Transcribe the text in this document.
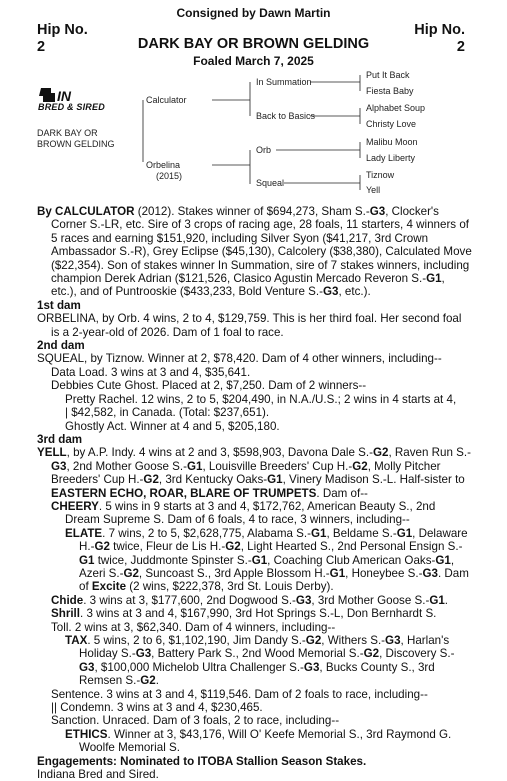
Consigned by Dawn Martin
Hip No.
2
Hip No.
2
DARK BAY OR BROWN GELDING
Foaled March 7, 2025
IN
BRED & SIRED
DARK BAY OR BROWN GELDING
Calculator
Orbelina
(2015)
In Summation
Back to Basics
Orb
Squeal
Put It Back
Fiesta Baby
Alphabet Soup
Christy Love
Malibu Moon
Lady Liberty
Tiznow
Yell

By CALCULATOR (2012). Stakes winner of $694,273, Sham S.-G3, Clocker's Corner S.-LR, etc. Sire of 3 crops of racing age, 28 foals, 11 starters, 4 winners of 5 races and earning $151,920, including Silver Syon ($41,217, 3rd Crown Ambassador S.-R), Grey Eclipse ($45,130), Calcolery ($38,380), Calculated Move ($22,354). Son of stakes winner In Summation, sire of 7 stakes winners, including champion Derek Adrian ($121,526, Clasico Agustin Mercado Reveron S.-G1, etc.), and of Puntrooskie ($433,233, Bold Venture S.-G3, etc.).

1st dam

ORBELINA, by Orb. 4 wins, 2 to 4, $129,759. This is her third foal. Her second foal is a 2-year-old of 2026. Dam of 1 foal to race.

2nd dam

SQUEAL, by Tiznow. Winner at 2, $78,420. Dam of 4 other winners, including--

Data Load. 3 wins at 3 and 4, $35,641.

Debbies Cute Ghost. Placed at 2, $7,250. Dam of 2 winners--

Pretty Rachel. 12 wins, 2 to 5, $204,490, in N.A./U.S.; 2 wins in 4 starts at 4,

| $42,582, in Canada. (Total: $237,651).

Ghostly Act. Winner at 4 and 5, $205,180.

3rd dam

YELL, by A.P. Indy. 4 wins at 2 and 3, $598,903, Davona Dale S.-G2, Raven Run S.-G3, 2nd Mother Goose S.-G1, Louisville Breeders' Cup H.-G2, Molly Pitcher Breeders' Cup H.-G2, 3rd Kentucky Oaks-G1, Vinery Madison S.-L. Half-sister to EASTERN ECHO, ROAR, BLARE OF TRUMPETS. Dam of--

CHEERY. 5 wins in 9 starts at 3 and 4, $172,762, American Beauty S., 2nd Dream Supreme S. Dam of 6 foals, 4 to race, 3 winners, including--

ELATE. 7 wins, 2 to 5, $2,628,775, Alabama S.-G1, Beldame S.-G1, Delaware H.-G2 twice, Fleur de Lis H.-G2, Light Hearted S., 2nd Personal Ensign S.-G1 twice, Juddmonte Spinster S.-G1, Coaching Club American Oaks-G1, Azeri S.-G2, Suncoast S., 3rd Apple Blossom H.-G1, Honeybee S.-G3. Dam of Excite (2 wins, $222,378, 3rd St. Louis Derby).

Chide. 3 wins at 3, $177,600, 2nd Dogwood S.-G3, 3rd Mother Goose S.-G1.

Shrill. 3 wins at 3 and 4, $167,990, 3rd Hot Springs S.-L, Don Bernhardt S.

Toll. 2 wins at 3, $62,340. Dam of 4 winners, including--

TAX. 5 wins, 2 to 6, $1,102,190, Jim Dandy S.-G2, Withers S.-G3, Harlan's Holiday S.-G3, Battery Park S., 2nd Wood Memorial S.-G2, Discovery S.-G3, $100,000 Michelob Ultra Challenger S.-G3, Bucks County S., 3rd Remsen S.-G2.

Sentence. 3 wins at 3 and 4, $119,546. Dam of 2 foals to race, including--

|| Condemn. 3 wins at 3 and 4, $230,465.

Sanction. Unraced. Dam of 3 foals, 2 to race, including--

ETHICS. Winner at 3, $43,176, Will O' Keefe Memorial S., 3rd Raymond G. Woolfe Memorial S.

Engagements: Nominated to ITOBA Stallion Season Stakes.

Indiana Bred and Sired.
